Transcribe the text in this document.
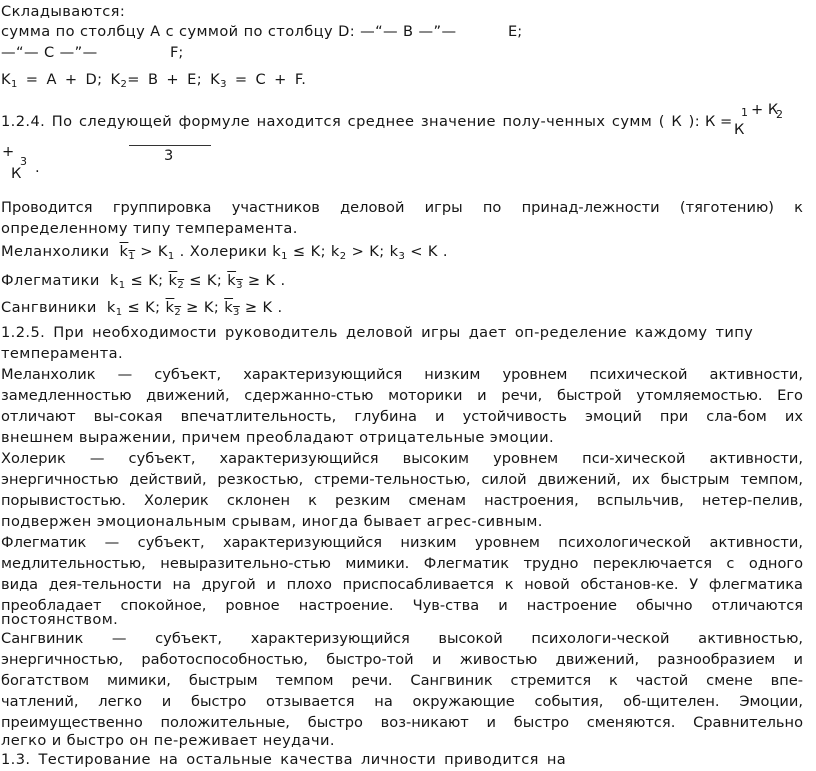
Складываются:
сумма по столбцу А с суммой по столбцу D: —“— В —”—	Е;
—“— С —”—	F;
$K_1 = A + D$; $K_2= B + E$; $K_3 = C + F$.
1.2.4. По следующей формуле находится среднее значение полу-ченных сумм ( К ): К = К
1 + К
2
+
3	3
К .
Проводится группировка участников деловой игры по принад-лежности (тяготению) к
определенному типу темперамента.
Меланхолики $k_1 > K_1$ . Холерики $k_1 \le K$; $k_2 > K$; $k_3 < K$ .
Флегматики $k_1 \le K$; $k_2 \le K$; $k_3 \ge K$ .
Сангвиники $k_1 \le K$; $k_2 \ge K$; $k_3 \ge K$ .
1.2.5. При необходимости руководитель деловой игры дает оп-ределение каждому типу
темперамента.
Меланхолик — субъект, характеризующийся низким уровнем психической активности,
замедленностью движений, сдержанно-стью моторики и речи, быстрой утомляемостью. Его
отличают вы-сокая впечатлительность, глубина и устойчивость эмоций при сла-бом их
внешнем выражении, причем преобладают отрицательные эмоции.
Холерик — субъект, характеризующийся высоким уровнем пси-хической активности,
энергичностью действий, резкостью, стреми-тельностью, силой движений, их быстрым темпом,
порывистостью. Холерик склонен к резким сменам настроения, вспыльчив, нетер-пелив,
подвержен эмоциональным срывам, иногда бывает агрес-сивным.
Флегматик — субъект, характеризующийся низким уровнем психологической активности,
медлительностью, невыразительно-стью мимики. Флегматик трудно переключается с одного
вида дея-тельности на другой и плохо приспосабливается к новой обстанов-ке. У флегматика
преобладает спокойное, ровное настроение. Чув-ства и настроение обычно отличаются
постоянством.
Сангвиник — субъект, характеризующийся высокой психологи-ческой активностью,
энергичностью, работоспособностью, быстро-той и живостью движений, разнообразием и
богатством мимики, быстрым темпом речи. Сангвиник стремится к частой смене впе-
чатлений, легко и быстро отзывается на окружающие события, об-щителен. Эмоции,
преимущественно положительные, быстро воз-никают и быстро сменяются. Сравнительно
легко и быстро он пе-реживает неудачи.
1.3. Тестирование на остальные качества личности приводится на
